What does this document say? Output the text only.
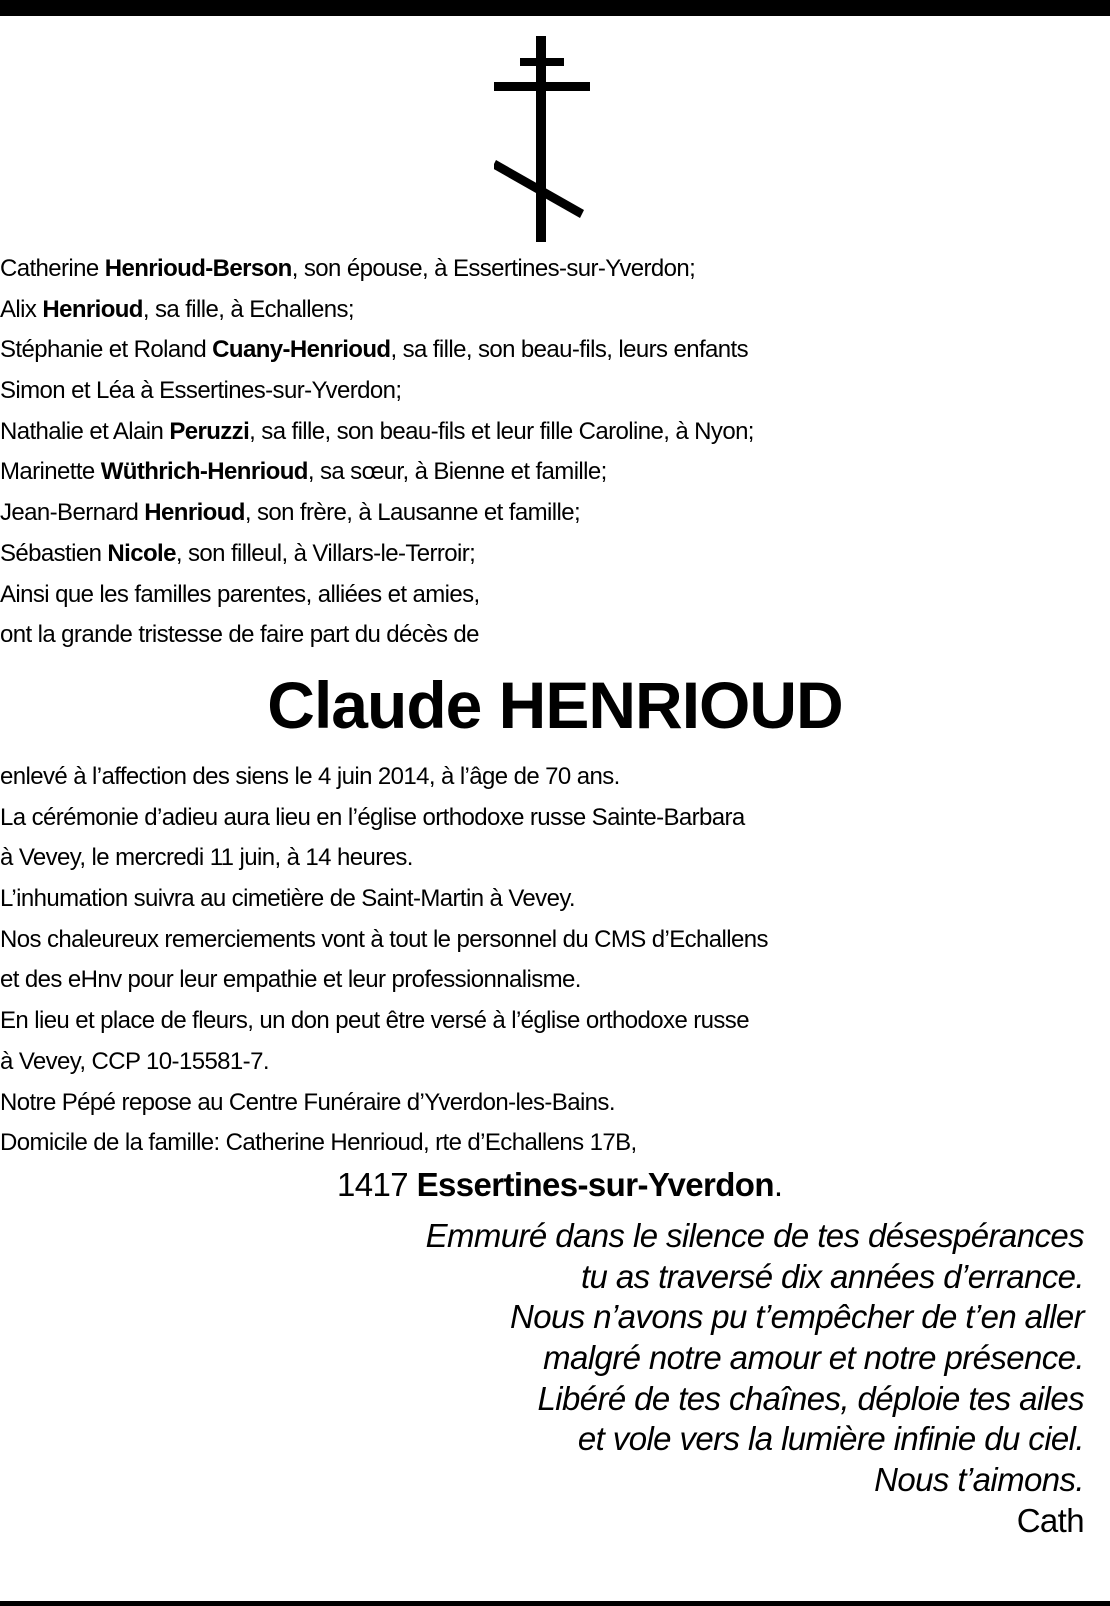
Catherine Henrioud-Berson, son épouse, à Essertines-sur-Yverdon;
Alix Henrioud, sa fille, à Echallens;
Stéphanie et Roland Cuany-Henrioud, sa fille, son beau-fils, leurs enfants
Simon et Léa à Essertines-sur-Yverdon;
Nathalie et Alain Peruzzi, sa fille, son beau-fils et leur fille Caroline, à Nyon;
Marinette Wüthrich-Henrioud, sa sœur, à Bienne et famille;
Jean-Bernard Henrioud, son frère, à Lausanne et famille;
Sébastien Nicole, son filleul, à Villars-le-Terroir;
Ainsi que les familles parentes, alliées et amies,
ont la grande tristesse de faire part du décès de
Claude HENRIOUD
enlevé à l’affection des siens le 4 juin 2014, à l’âge de 70 ans.
La cérémonie d’adieu aura lieu en l’église orthodoxe russe Sainte-Barbara
à Vevey, le mercredi 11 juin, à 14 heures.
L’inhumation suivra au cimetière de Saint-Martin à Vevey.
Nos chaleureux remerciements vont à tout le personnel du CMS d’Echallens
et des eHnv pour leur empathie et leur professionnalisme.
En lieu et place de fleurs, un don peut être versé à l’église orthodoxe russe
à Vevey, CCP 10-15581-7.
Notre Pépé repose au Centre Funéraire d’Yverdon-les-Bains.
Domicile de la famille: Catherine Henrioud, rte d’Echallens 17B,
1417 Essertines-sur-Yverdon.
Emmuré dans le silence de tes désespérances
tu as traversé dix années d’errance.
Nous n’avons pu t’empêcher de t’en aller
malgré notre amour et notre présence.
Libéré de tes chaînes, déploie tes ailes
et vole vers la lumière infinie du ciel.
Nous t’aimons.
Cath
